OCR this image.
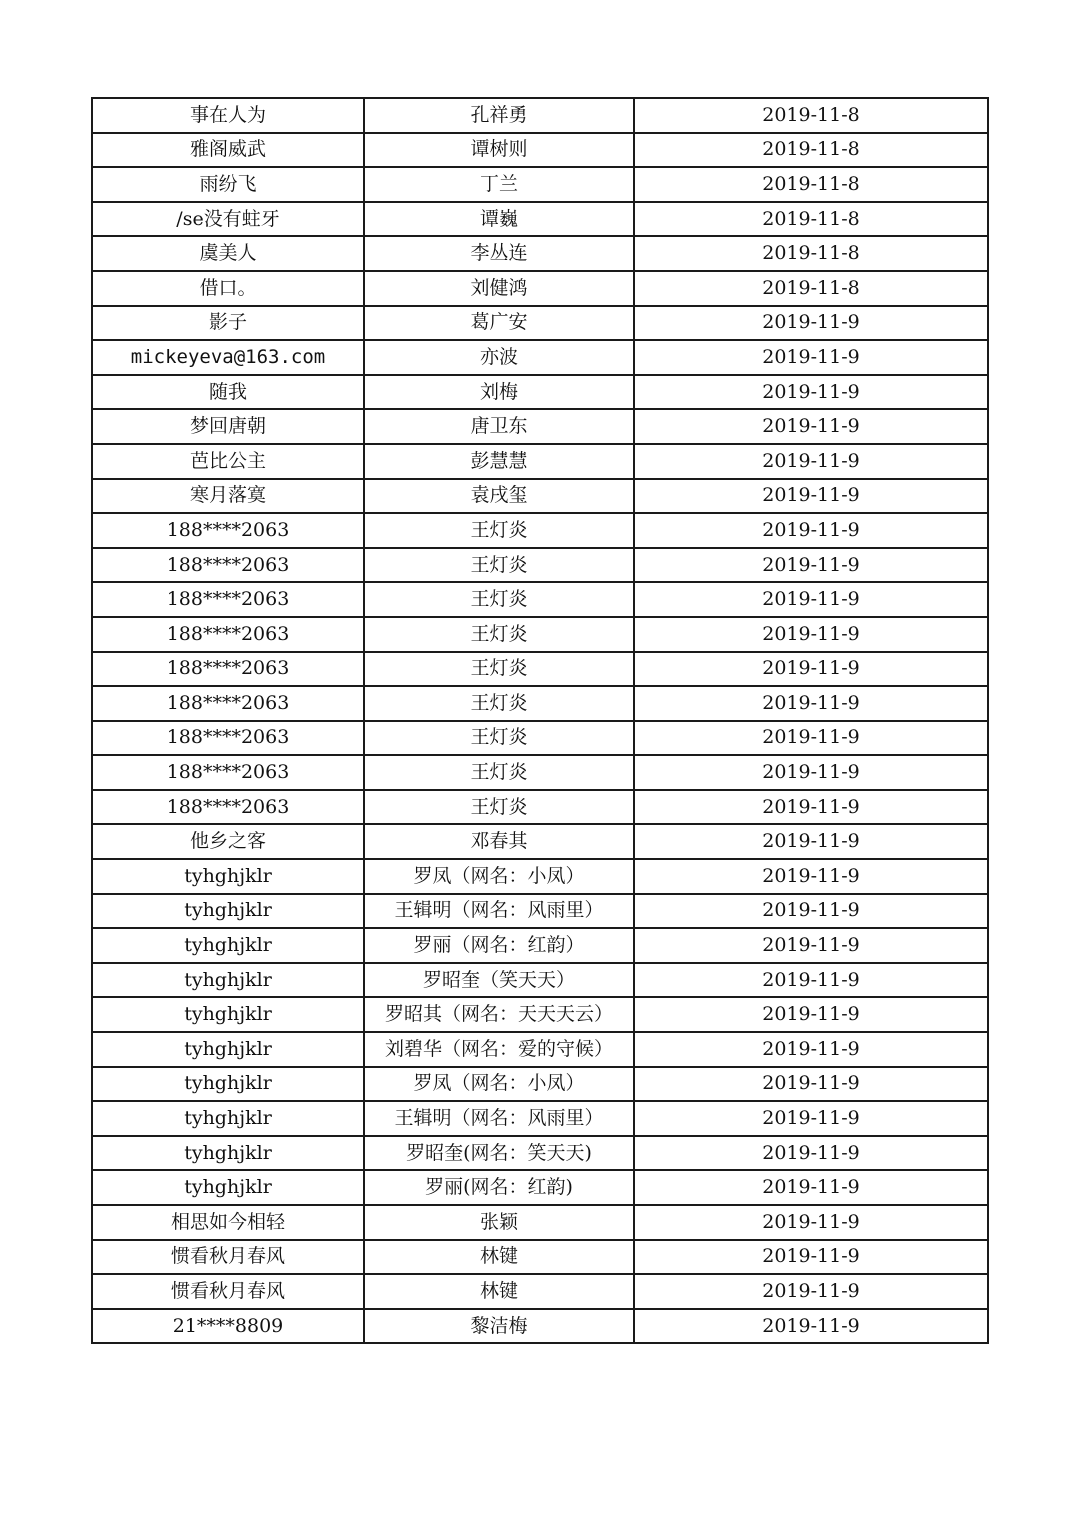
事在人为	孔祥勇	2019-11-8
雅阁威武	谭树则	2019-11-8
雨纷飞	丁兰	2019-11-8
/se没有蛀牙	谭巍	2019-11-8
虞美人	李丛连	2019-11-8
借口。	刘健鸿	2019-11-8
影子	葛广安	2019-11-9
mickeyeva@163.com	亦波	2019-11-9
随我	刘梅	2019-11-9
梦回唐朝	唐卫东	2019-11-9
芭比公主	彭慧慧	2019-11-9
寒月落寞	袁戌玺	2019-11-9
188****2063	王灯炎	2019-11-9
188****2063	王灯炎	2019-11-9
188****2063	王灯炎	2019-11-9
188****2063	王灯炎	2019-11-9
188****2063	王灯炎	2019-11-9
188****2063	王灯炎	2019-11-9
188****2063	王灯炎	2019-11-9
188****2063	王灯炎	2019-11-9
188****2063	王灯炎	2019-11-9
他乡之客	邓春其	2019-11-9
tyhghjklr	罗凤（网名：小凤）	2019-11-9
tyhghjklr	王辑明（网名：风雨里）	2019-11-9
tyhghjklr	罗丽（网名：红韵）	2019-11-9
tyhghjklr	罗昭奎（笑天天）	2019-11-9
tyhghjklr	罗昭其（网名：天天天云）	2019-11-9
tyhghjklr	刘碧华（网名：爱的守候）	2019-11-9
tyhghjklr	罗凤（网名：小凤）	2019-11-9
tyhghjklr	王辑明（网名：风雨里）	2019-11-9
tyhghjklr	罗昭奎(网名：笑天天)	2019-11-9
tyhghjklr	罗丽(网名：红韵)	2019-11-9
相思如今相轻	张颖	2019-11-9
惯看秋月春风	林键	2019-11-9
惯看秋月春风	林键	2019-11-9
21****8809	黎洁梅	2019-11-9
